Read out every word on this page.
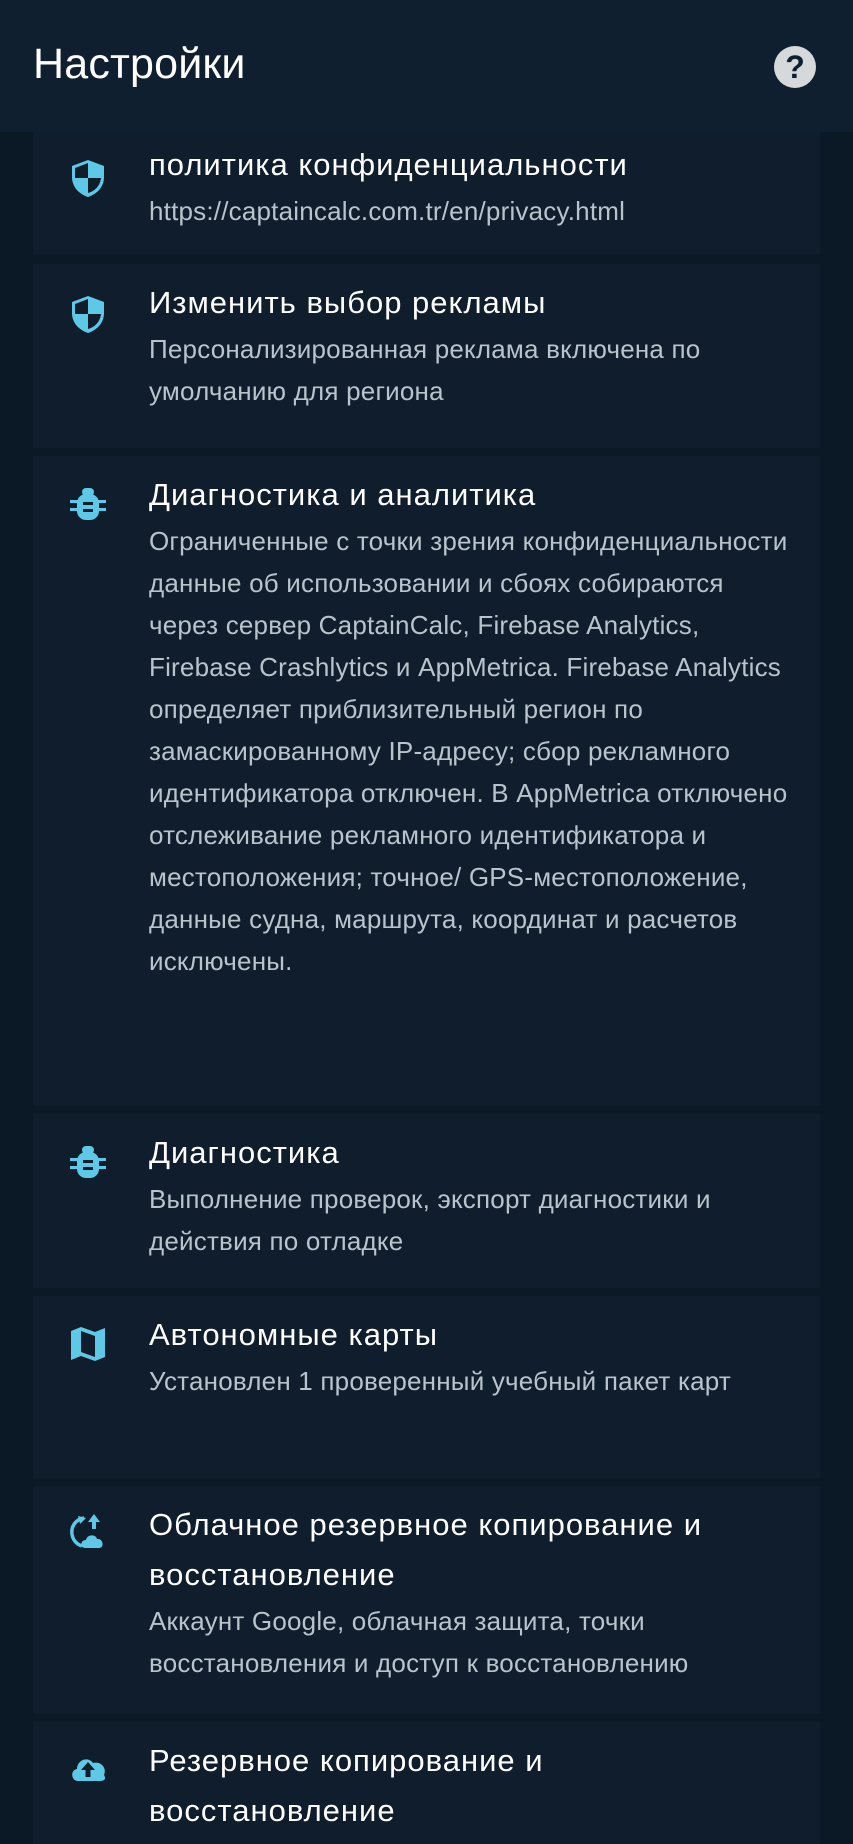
Настройки	?

политика конфиденциальности

https://captaincalc.com.tr/en/privacy.html

Изменить выбор рекламы

Персонализированная реклама включена по умолчанию для региона

Диагностика и аналитика

Ограниченные с точки зрения конфиденциальности данные об использовании и сбоях собираются через сервер CaptainCalc, Firebase Analytics, Firebase Crashlytics и AppMetrica. Firebase Analytics определяет приблизительный регион по замаскированному IP-адресу; сбор рекламного идентификатора отключен. В AppMetrica отключено отслеживание рекламного идентификатора и местоположения; точное/ GPS-местоположение, данные судна, маршрута, координат и расчетов исключены.

Диагностика

Выполнение проверок, экспорт диагностики и действия по отладке

Автономные карты

Установлен 1 проверенный учебный пакет карт

Облачное резервное копирование и восстановление

Аккаунт Google, облачная защита, точки восстановления и доступ к восстановлению

Резервное копирование и восстановление
